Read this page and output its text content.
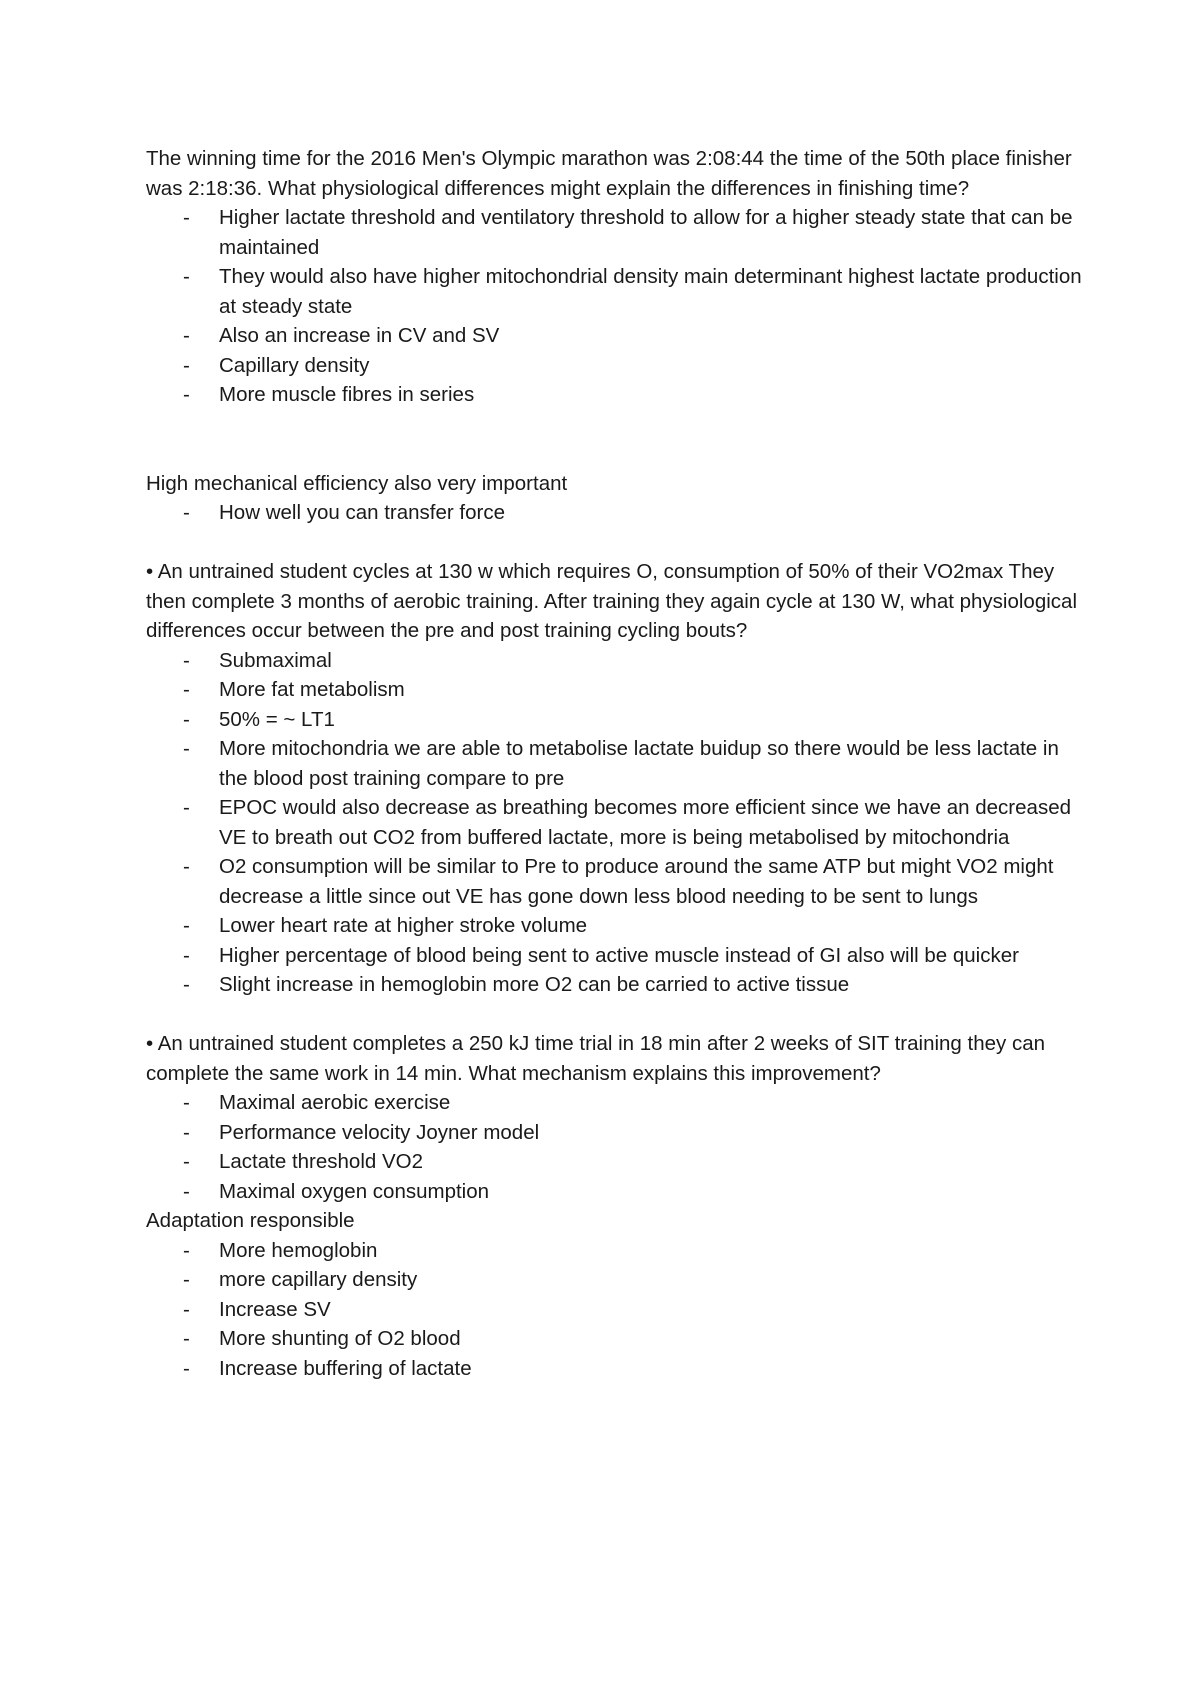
The winning time for the 2016 Men's Olympic marathon was 2:08:44 the time of the 50th place finisher was 2:18:36. What physiological differences might explain the differences in finishing time?

- Higher lactate threshold and ventilatory threshold to allow for a higher steady state that can be maintained
- They would also have higher mitochondrial density main determinant highest lactate production at steady state
- Also an increase in CV and SV
- Capillary density
- More muscle fibres in series

High mechanical efficiency also very important

- How well you can transfer force

• An untrained student cycles at 130 w which requires O, consumption of 50% of their VO2max They then complete 3 months of aerobic training. After training they again cycle at 130 W, what physiological differences occur between the pre and post training cycling bouts?

- Submaximal
- More fat metabolism
- 50% = ~ LT1
- More mitochondria we are able to metabolise lactate buidup so there would be less lactate in the blood post training compare to pre
- EPOC would also decrease as breathing becomes more efficient since we have an decreased VE to breath out CO2 from buffered lactate, more is being metabolised by mitochondria
- O2 consumption will be similar to Pre to produce around the same ATP but might VO2 might decrease a little since out VE has gone down less blood needing to be sent to lungs
- Lower heart rate at higher stroke volume
- Higher percentage of blood being sent to active muscle instead of GI also will be quicker
- Slight increase in hemoglobin more O2 can be carried to active tissue

• An untrained student completes a 250 kJ time trial in 18 min after 2 weeks of SIT training they can complete the same work in 14 min. What mechanism explains this improvement?

- Maximal aerobic exercise
- Performance velocity Joyner model
- Lactate threshold VO2
- Maximal oxygen consumption

Adaptation responsible

- More hemoglobin
- more capillary density
- Increase SV
- More shunting of O2 blood
- Increase buffering of lactate
